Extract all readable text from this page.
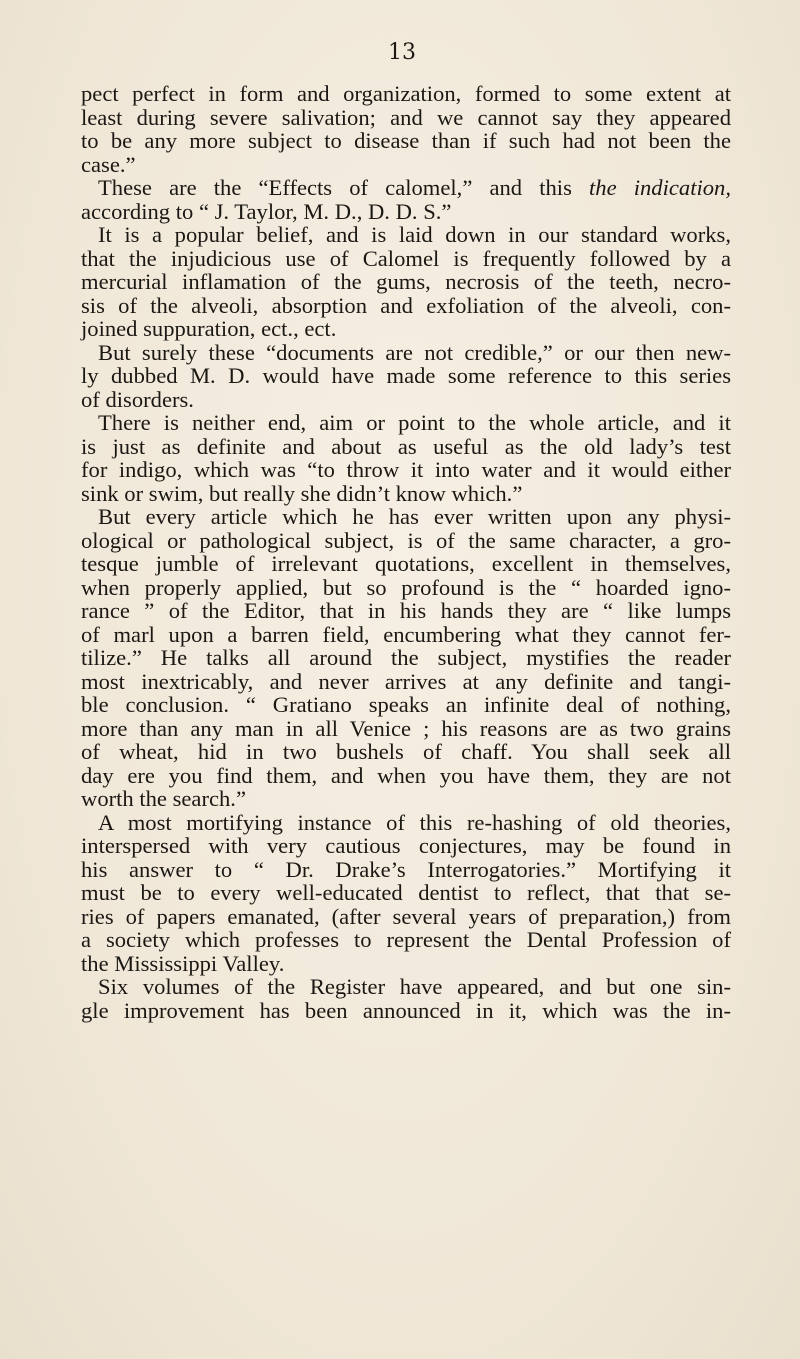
13

pect perfect in form and organization, formed to some extent at
least during severe salivation; and we cannot say they appeared
to be any more subject to disease than if such had not been the
case.”

These are the “Effects of calomel,” and this the indication,
according to “ J. Taylor, M. D., D. D. S.”

It is a popular belief, and is laid down in our standard works,
that the injudicious use of Calomel is frequently followed by a
mercurial inflamation of the gums, necrosis of the teeth, necro-
sis of the alveoli, absorption and exfoliation of the alveoli, con-
joined suppuration, ect., ect.

But surely these “documents are not credible,” or our then new-
ly dubbed M. D. would have made some reference to this series
of disorders.

There is neither end, aim or point to the whole article, and it
is just as definite and about as useful as the old lady’s test
for indigo, which was “to throw it into water and it would either
sink or swim, but really she didn’t know which.”

But every article which he has ever written upon any physi-
ological or pathological subject, is of the same character, a gro-
tesque jumble of irrelevant quotations, excellent in themselves,
when properly applied, but so profound is the “ hoarded igno-
rance ” of the Editor, that in his hands they are “ like lumps
of marl upon a barren field, encumbering what they cannot fer-
tilize.” He talks all around the subject, mystifies the reader
most inextricably, and never arrives at any definite and tangi-
ble conclusion. “ Gratiano speaks an infinite deal of nothing,
more than any man in all Venice ; his reasons are as two grains
of wheat, hid in two bushels of chaff. You shall seek all
day ere you find them, and when you have them, they are not
worth the search.”

A most mortifying instance of this re-hashing of old theories,
interspersed with very cautious conjectures, may be found in
his answer to “ Dr. Drake’s Interrogatories.” Mortifying it
must be to every well-educated dentist to reflect, that that se-
ries of papers emanated, (after several years of preparation,) from
a society which professes to represent the Dental Profession of
the Mississippi Valley.

Six volumes of the Register have appeared, and but one sin-
gle improvement has been announced in it, which was the in-
